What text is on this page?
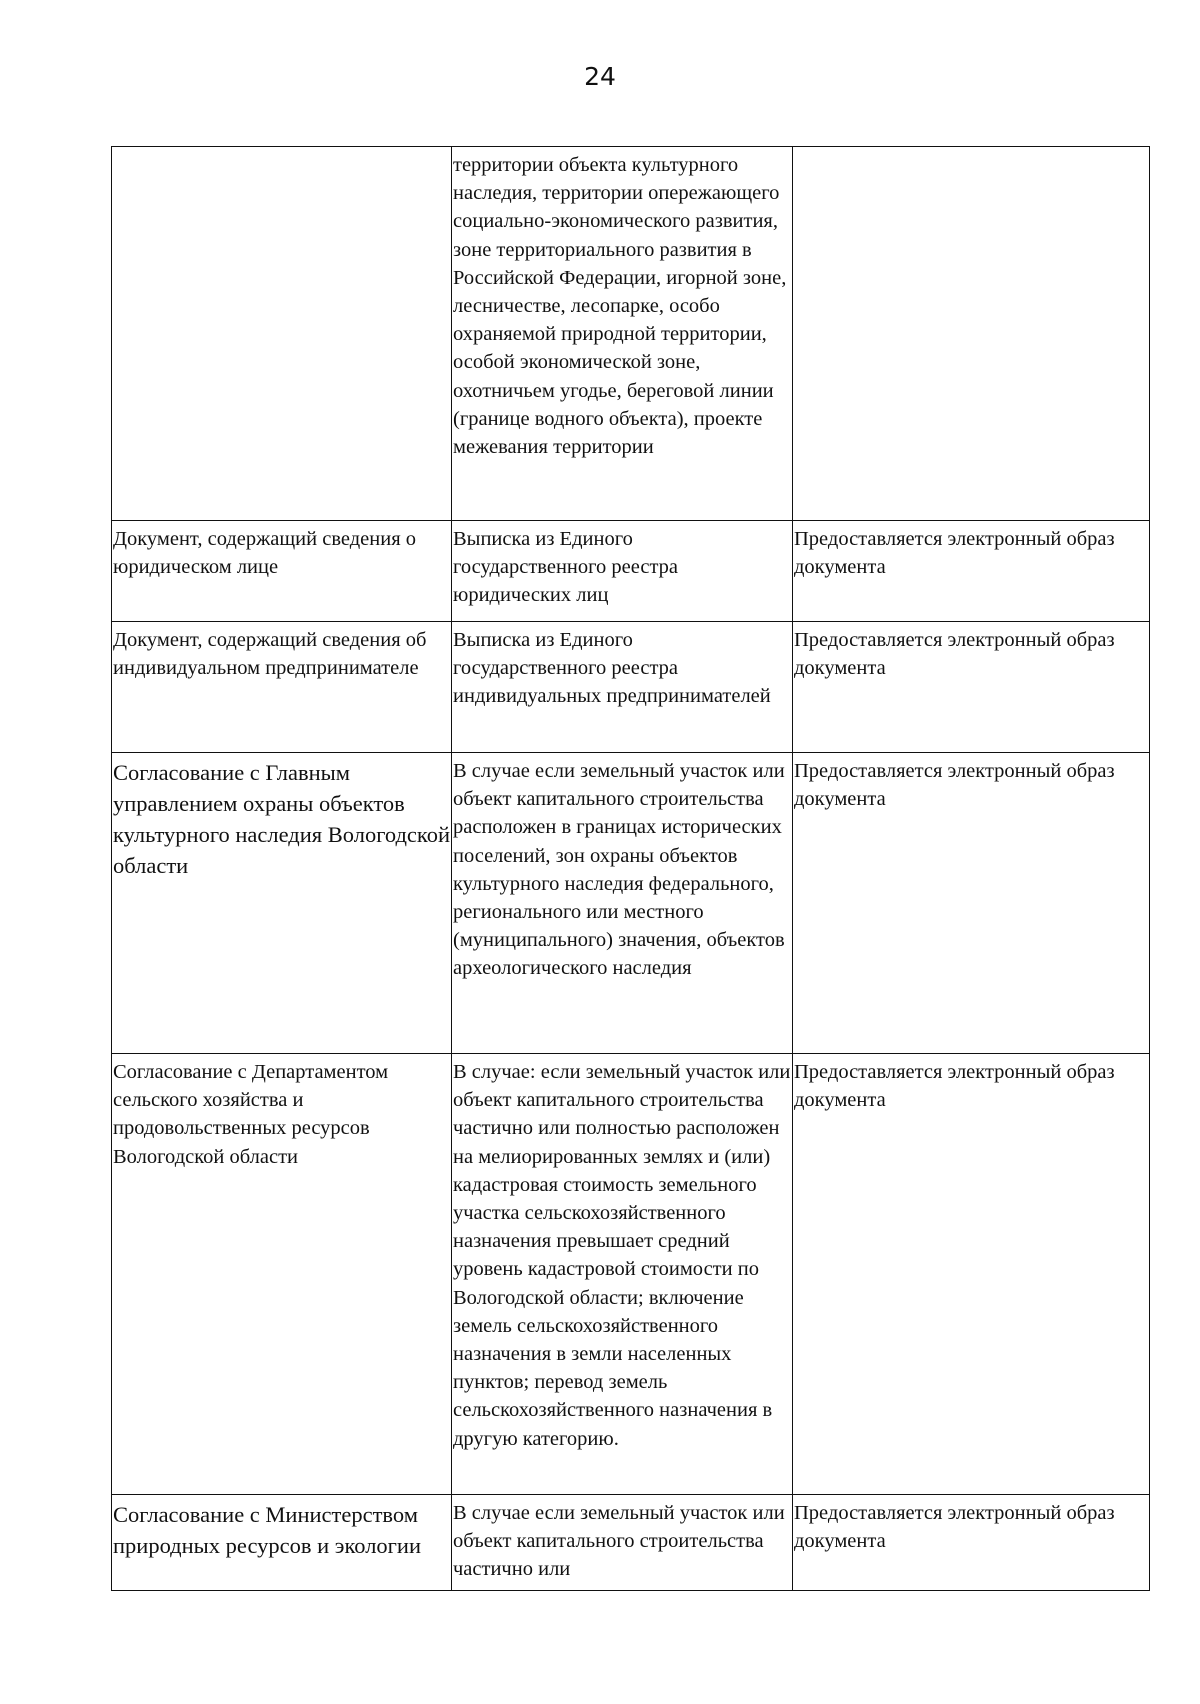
24

	территории объекта культурного наследия, территории опережающего социально-экономического развития, зоне территориального развития в Российской Федерации, игорной зоне, лесничестве, лесопарке, особо охраняемой природной территории, особой экономической зоне, охотничьем угодье, береговой линии (границе водного объекта), проекте межевания территории	

Документ, содержащий сведения о юридическом лице	Выписка из Единого государственного реестра юридических лиц	Предоставляется электронный образ документа

Документ, содержащий сведения об индивидуальном предпринимателе	Выписка из Единого государственного реестра индивидуальных предпринимателей	Предоставляется электронный образ документа

Согласование с Главным управлением охраны объектов культурного наследия Вологодской области	В случае если земельный участок или объект капитального строительства расположен в границах исторических поселений, зон охраны объектов культурного наследия федерального, регионального или местного (муниципального) значения, объектов археологического наследия	Предоставляется электронный образ документа

Согласование с Департаментом сельского хозяйства и продовольственных ресурсов Вологодской области	В случае: если земельный участок или объект капитального строительства частично или полностью расположен на мелиорированных землях и (или) кадастровая стоимость земельного участка сельскохозяйственного назначения превышает средний уровень кадастровой стоимости по Вологодской области; включение земель сельскохозяйственного назначения в земли населенных пунктов; перевод земель сельскохозяйственного назначения в другую категорию.	Предоставляется электронный образ документа

Согласование с Министерством природных ресурсов и экологии	В случае если земельный участок или объект капитального строительства частично или	Предоставляется электронный образ документа
